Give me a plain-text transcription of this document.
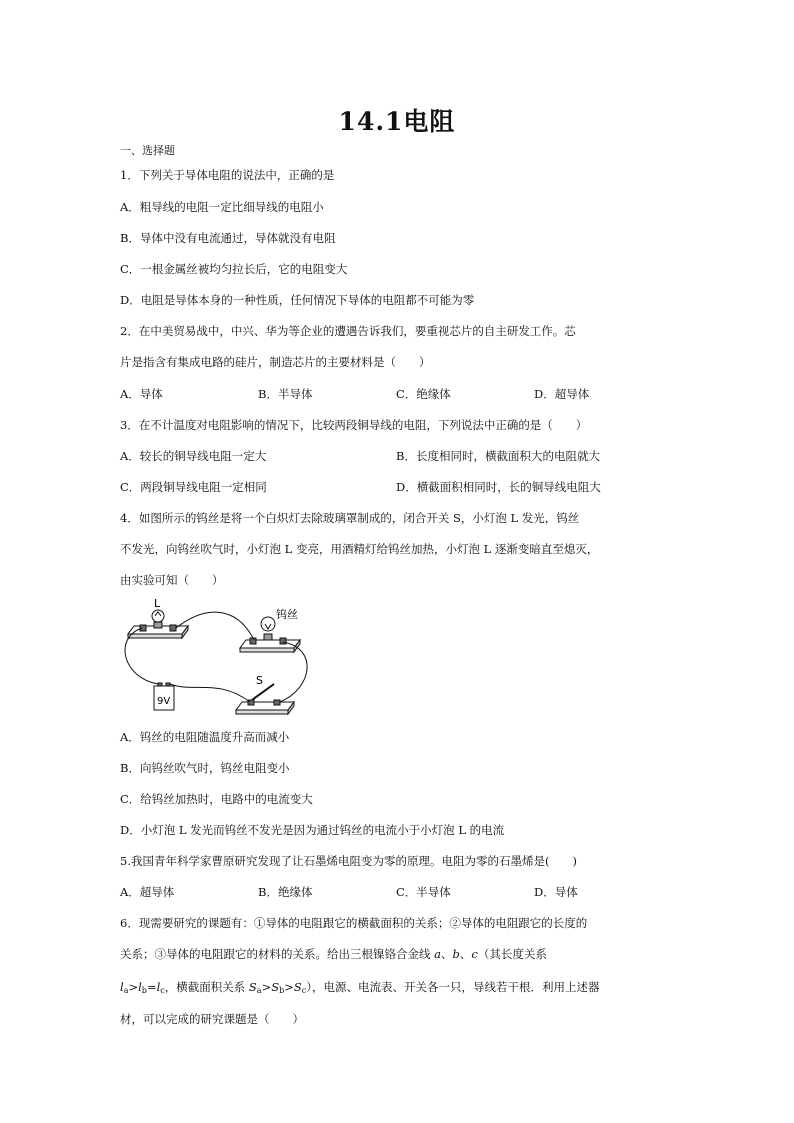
14.1电阻
一、选择题
1．下列关于导体电阻的说法中，正确的是
A．粗导线的电阻一定比细导线的电阻小
B．导体中没有电流通过，导体就没有电阻
C．一根金属丝被均匀拉长后，它的电阻变大
D．电阻是导体本身的一种性质，任何情况下导体的电阻都不可能为零
2．在中美贸易战中，中兴、华为等企业的遭遇告诉我们，要重视芯片的自主研发工作。芯
片是指含有集成电路的硅片，制造芯片的主要材料是（　　）
A．导体	B．半导体	C．绝缘体	D．超导体
3．在不计温度对电阻影响的情况下，比较两段铜导线的电阻，下列说法中正确的是（　　）
A．较长的铜导线电阻一定大	B．长度相同时，横截面积大的电阻就大
C．两段铜导线电阻一定相同	D．横截面积相同时，长的铜导线电阻大
4．如图所示的钨丝是将一个白炽灯去除玻璃罩制成的，闭合开关 S，小灯泡 L 发光，钨丝
不发光，向钨丝吹气时，小灯泡 L 变亮，用酒精灯给钨丝加热，小灯泡 L 逐渐变暗直至熄灭，
由实验可知（　　）
L
钨丝
S
9V
A．钨丝的电阻随温度升高而减小
B．向钨丝吹气时，钨丝电阻变小
C．给钨丝加热时，电路中的电流变大
D．小灯泡 L 发光而钨丝不发光是因为通过钨丝的电流小于小灯泡 L 的电流
5.我国青年科学家曹原研究发现了让石墨烯电阻变为零的原理。电阻为零的石墨烯是(　　)
A．超导体	B．绝缘体	C．半导体	D．导体
6．现需要研究的课题有：①导体的电阻跟它的横截面积的关系；②导体的电阻跟它的长度的
关系；③导体的电阻跟它的材料的关系。给出三根镍铬合金线 a、b、c（其长度关系
$l_a>l_b=l_c$，横截面积关系 $S_a>S_b>S_c$），电源、电流表、开关各一只，导线若干根．利用上述器
材，可以完成的研究课题是（　　）
